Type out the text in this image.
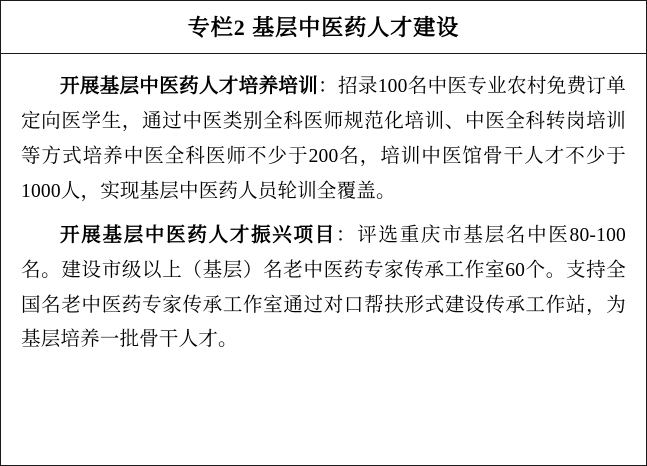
专栏2 基层中医药人才建设

开展基层中医药人才培养培训：招录100名中医专业农村免费订单定向医学生，通过中医类别全科医师规范化培训、中医全科转岗培训等方式培养中医全科医师不少于200名，培训中医馆骨干人才不少于1000人，实现基层中医药人员轮训全覆盖。

开展基层中医药人才振兴项目：评选重庆市基层名中医80-100名。建设市级以上（基层）名老中医药专家传承工作室60个。支持全国名老中医药专家传承工作室通过对口帮扶形式建设传承工作站，为基层培养一批骨干人才。
